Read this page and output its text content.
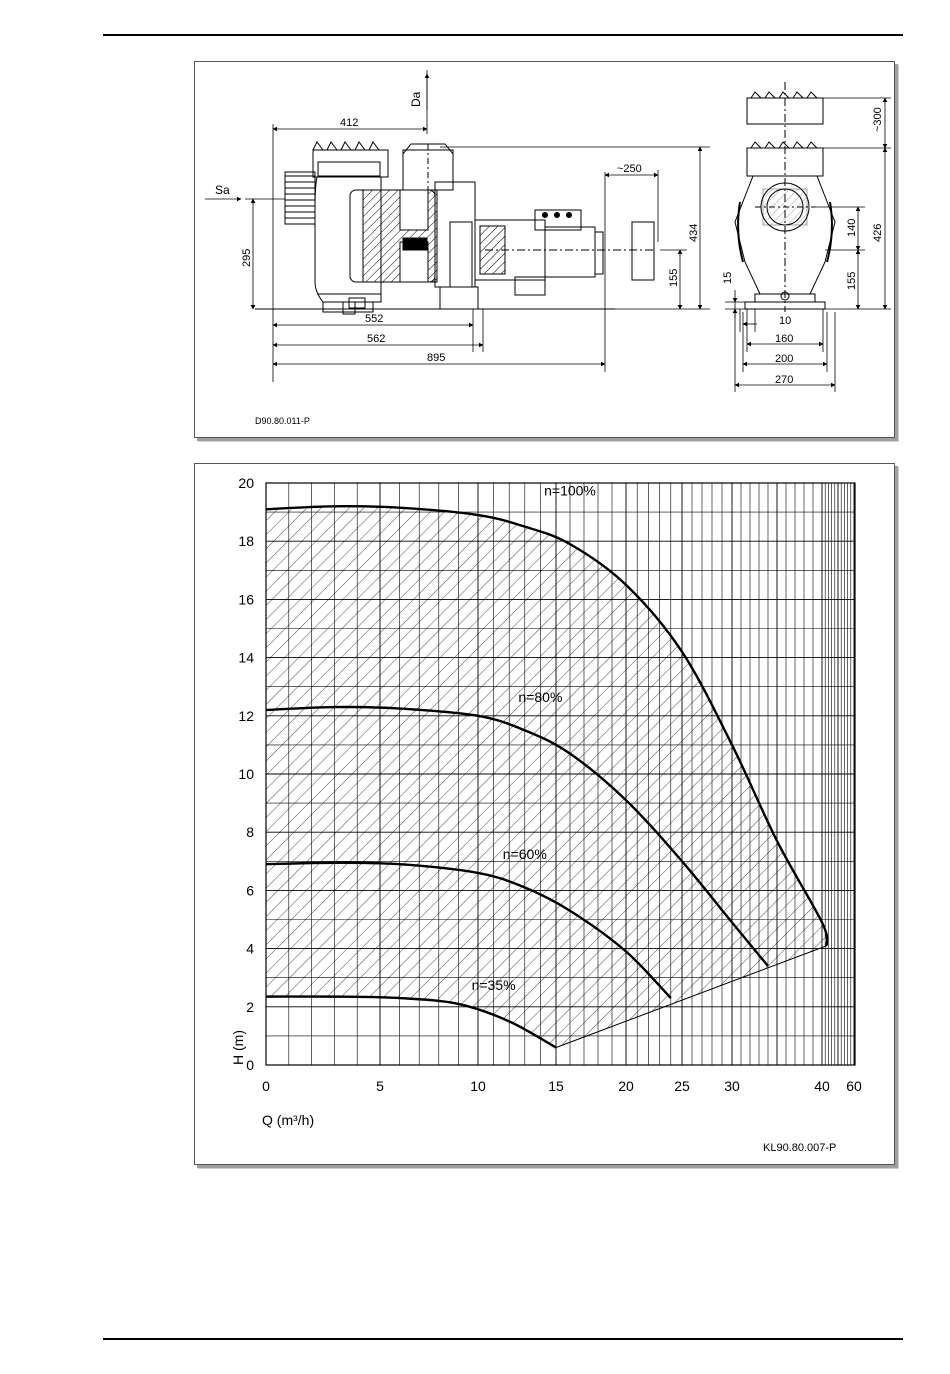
Sa
Da
412
295
552
562
895
~250
434
155
~300
140 426
155
15
10
160
200
270
D90.80.011-P
0
2
4
6
8
10
12
14
16
18
20
0	5	10	15	20	25 30	40 60
H (m)
Q (m³/h)
KL90.80.007-P
n=100%
n=80%
n=60%
n=35%
